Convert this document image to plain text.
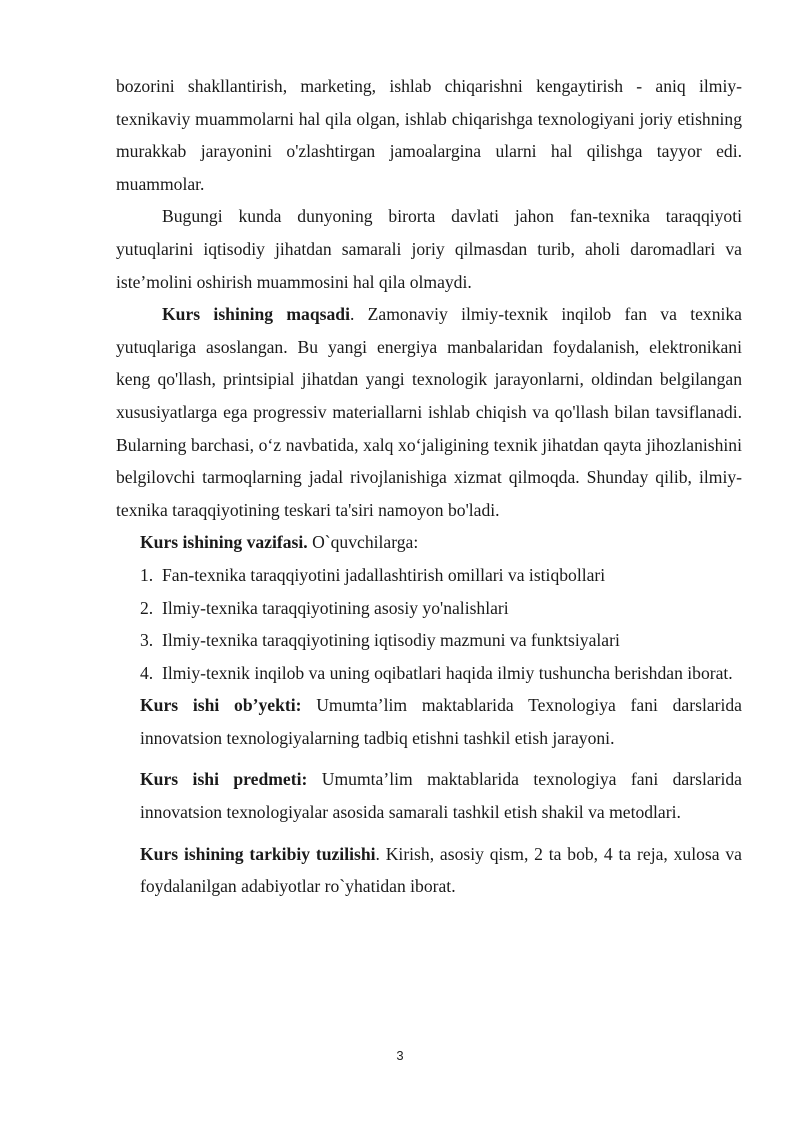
bozorini shakllantirish, marketing, ishlab chiqarishni kengaytirish - aniq ilmiy-texnikaviy muammolarni hal qila olgan, ishlab chiqarishga texnologiyani joriy etishning murakkab jarayonini o'zlashtirgan jamoalargina ularni hal qilishga tayyor edi. muammolar.

Bugungi kunda dunyoning birorta davlati jahon fan-texnika taraqqiyoti yutuqlarini iqtisodiy jihatdan samarali joriy qilmasdan turib, aholi daromadlari va iste’molini oshirish muammosini hal qila olmaydi.

Kurs ishining maqsadi. Zamonaviy ilmiy-texnik inqilob fan va texnika yutuqlariga asoslangan. Bu yangi energiya manbalaridan foydalanish, elektronikani keng qo'llash, printsipial jihatdan yangi texnologik jarayonlarni, oldindan belgilangan xususiyatlarga ega progressiv materiallarni ishlab chiqish va qo'llash bilan tavsiflanadi. Bularning barchasi, o‘z navbatida, xalq xo‘jaligining texnik jihatdan qayta jihozlanishini belgilovchi tarmoqlarning jadal rivojlanishiga xizmat qilmoqda. Shunday qilib, ilmiy-texnika taraqqiyotining teskari ta'siri namoyon bo'ladi.

Kurs ishining vazifasi. O`quvchilarga:

1. Fan-texnika taraqqiyotini jadallashtirish omillari va istiqbollari
2. Ilmiy-texnika taraqqiyotining asosiy yo'nalishlari
3. Ilmiy-texnika taraqqiyotining iqtisodiy mazmuni va funktsiyalari
4. Ilmiy-texnik inqilob va uning oqibatlari haqida ilmiy tushuncha berishdan iborat.

Kurs ishi ob’yekti: Umumta’lim maktablarida Texnologiya fani darslarida innovatsion texnologiyalarning tadbiq etishni tashkil etish jarayoni.

Kurs ishi predmeti: Umumta’lim maktablarida texnologiya fani darslarida innovatsion texnologiyalar asosida samarali tashkil etish shakil va metodlari.

Kurs ishining tarkibiy tuzilishi. Kirish, asosiy qism, 2 ta bob, 4 ta reja, xulosa va foydalanilgan adabiyotlar ro`yhatidan iborat.

3
